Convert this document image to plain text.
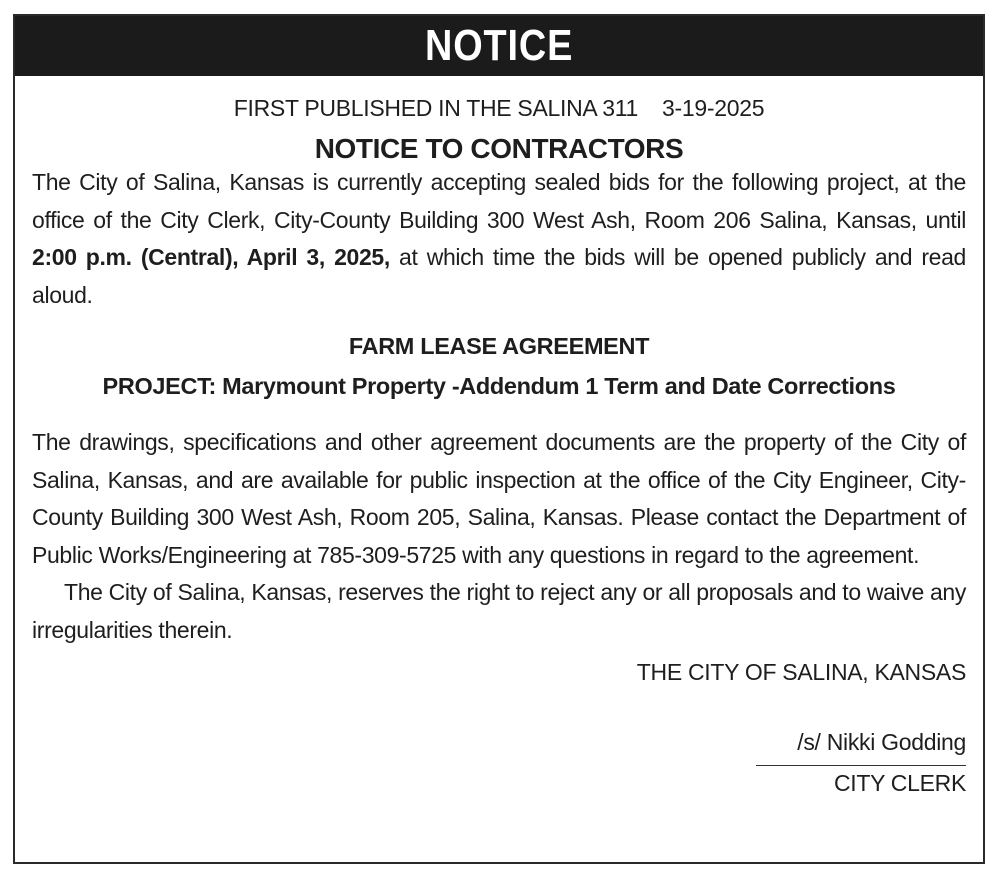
NOTICE
FIRST PUBLISHED IN THE SALINA 311 3-19-2025
NOTICE TO CONTRACTORS
The City of Salina, Kansas is currently accepting sealed bids for the following project, at the office of the City Clerk, City-County Building 300 West Ash, Room 206 Salina, Kansas, until 2:00 p.m. (Central), April 3, 2025, at which time the bids will be opened publicly and read aloud.
FARM LEASE AGREEMENT
PROJECT: Marymount Property -Addendum 1 Term and Date Corrections
The drawings, specifications and other agreement documents are the property of the City of Salina, Kansas, and are available for public inspection at the office of the City Engineer, City-County Building 300 West Ash, Room 205, Salina, Kansas. Please contact the Department of Public Works/Engineering at 785-309-5725 with any questions in regard to the agreement.
The City of Salina, Kansas, reserves the right to reject any or all proposals and to waive any irregularities therein.
THE CITY OF SALINA, KANSAS
/s/ Nikki Godding
CITY CLERK
